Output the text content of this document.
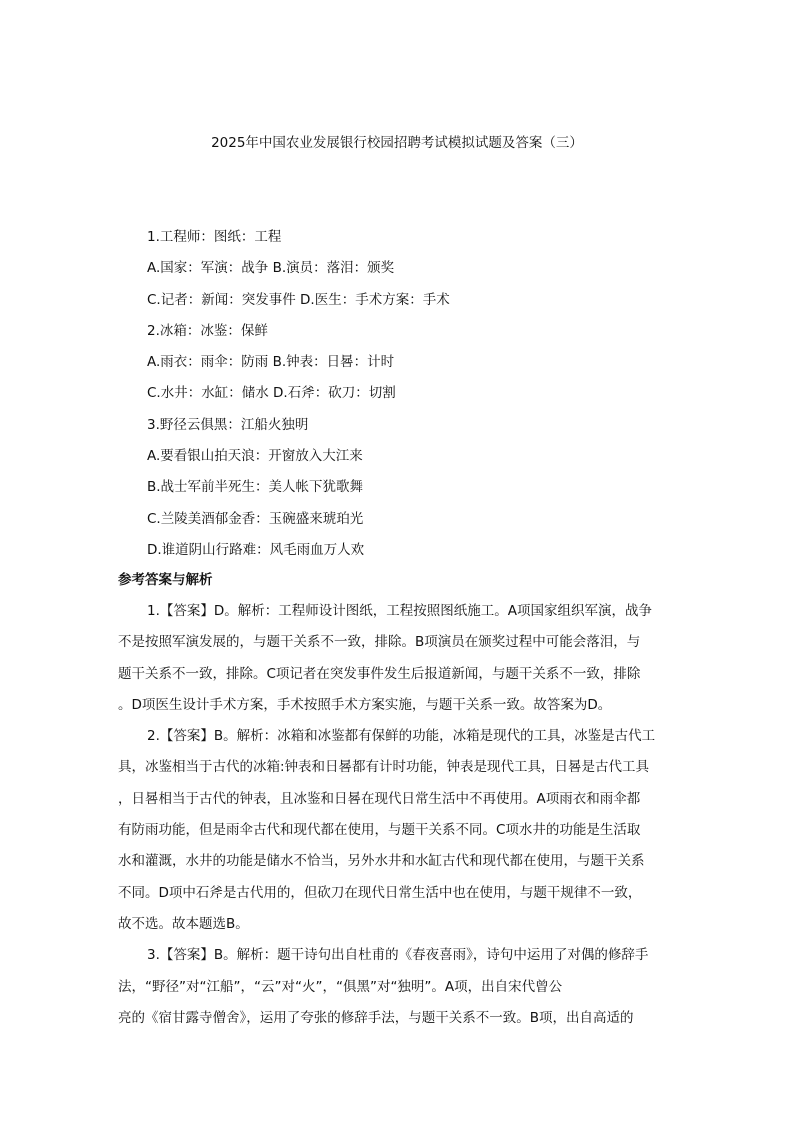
2025年中国农业发展银行校园招聘考试模拟试题及答案（三）
1.工程师：图纸：工程
A.国家：军演：战争 B.演员：落泪：颁奖
C.记者：新闻：突发事件 D.医生：手术方案：手术
2.冰箱：冰鉴：保鲜
A.雨衣：雨伞：防雨 B.钟表：日晷：计时
C.水井：水缸：储水 D.石斧：砍刀：切割
3.野径云俱黑：江船火独明
A.要看银山拍天浪：开窗放入大江来
B.战士军前半死生：美人帐下犹歌舞
C.兰陵美酒郁金香：玉碗盛来琥珀光
D.谁道阴山行路难：风毛雨血万人欢
参考答案与解析
1.【答案】D。解析：工程师设计图纸，工程按照图纸施工。A项国家组织军演，战争
不是按照军演发展的，与题干关系不一致，排除。B项演员在颁奖过程中可能会落泪，与
题干关系不一致，排除。C项记者在突发事件发生后报道新闻，与题干关系不一致，排除
。D项医生设计手术方案，手术按照手术方案实施，与题干关系一致。故答案为D。
2.【答案】B。解析：冰箱和冰鉴都有保鲜的功能，冰箱是现代的工具，冰鉴是古代工
具，冰鉴相当于古代的冰箱:钟表和日晷都有计时功能，钟表是现代工具，日晷是古代工具
，日晷相当于古代的钟表，且冰鉴和日晷在现代日常生活中不再使用。A项雨衣和雨伞都
有防雨功能，但是雨伞古代和现代都在使用，与题干关系不同。C项水井的功能是生活取
水和灌溉，水井的功能是储水不恰当，另外水井和水缸古代和现代都在使用，与题干关系
不同。D项中石斧是古代用的，但砍刀在现代日常生活中也在使用，与题干规律不一致，
故不选。故本题选B。
3.【答案】B。解析：题干诗句出自杜甫的《春夜喜雨》，诗句中运用了对偶的修辞手
法，“野径”对“江船”，“云”对“火”，“俱黑”对“独明”。A项，出自宋代曾公
亮的《宿甘露寺僧舍》，运用了夸张的修辞手法，与题干关系不一致。B项，出自高适的
